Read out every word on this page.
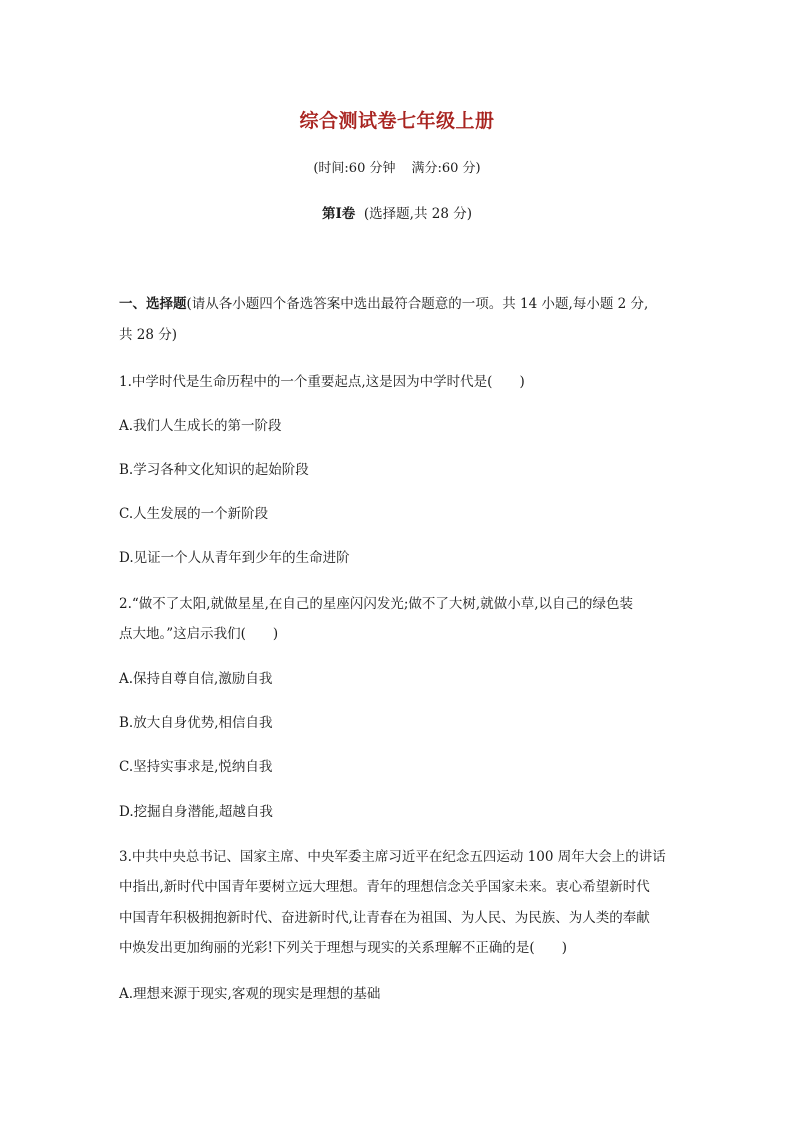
综合测试卷七年级上册
(时间:60 分钟 满分:60 分)
第Ⅰ卷 (选择题,共 28 分)
一、选择题(请从各小题四个备选答案中选出最符合题意的一项。共 14 小题,每小题 2 分,
共 28 分)
1.中学时代是生命历程中的一个重要起点,这是因为中学时代是(　　)
A.我们人生成长的第一阶段
B.学习各种文化知识的起始阶段
C.人生发展的一个新阶段
D.见证一个人从青年到少年的生命进阶
2.“做不了太阳,就做星星,在自己的星座闪闪发光;做不了大树,就做小草,以自己的绿色装
点大地。”这启示我们(　　)
A.保持自尊自信,激励自我
B.放大自身优势,相信自我
C.坚持实事求是,悦纳自我
D.挖掘自身潜能,超越自我
3.中共中央总书记、国家主席、中央军委主席习近平在纪念五四运动 100 周年大会上的讲话
中指出,新时代中国青年要树立远大理想。青年的理想信念关乎国家未来。衷心希望新时代
中国青年积极拥抱新时代、奋进新时代,让青春在为祖国、为人民、为民族、为人类的奉献
中焕发出更加绚丽的光彩!下列关于理想与现实的关系理解不正确的是(　　)
A.理想来源于现实,客观的现实是理想的基础
